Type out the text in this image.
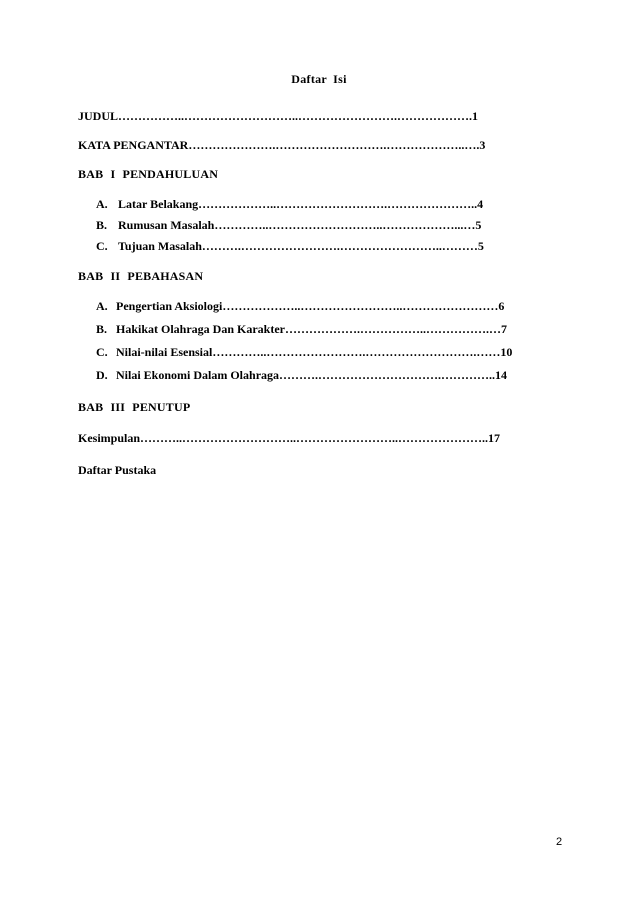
Daftar Isi
JUDUL……………..………………………..…………………….……………….1
KATA PENGANTAR………………….……………………….………………..….3
BAB I PENDAHULUAN
A. Latar Belakang………………..……………………….…………………..4
B. Rumusan Masalah…………..………………………..………………...…5
C. Tujuan Masalah……….…………………….……………………..………5
BAB II PEBAHASAN
A. Pengertian Aksiologi………………..……………………..……………………6
B. Hakikat Olahraga Dan Karakter……………….……………..…………….…7
C. Nilai-nilai Esensial…………..…………………….……………………….……10
D. Nilai Ekonomi Dalam Olahraga……….………………………….…………..14
BAB III PENUTUP
Kesimpulan………..………………………..……………………..…………………..17
Daftar Pustaka
2
